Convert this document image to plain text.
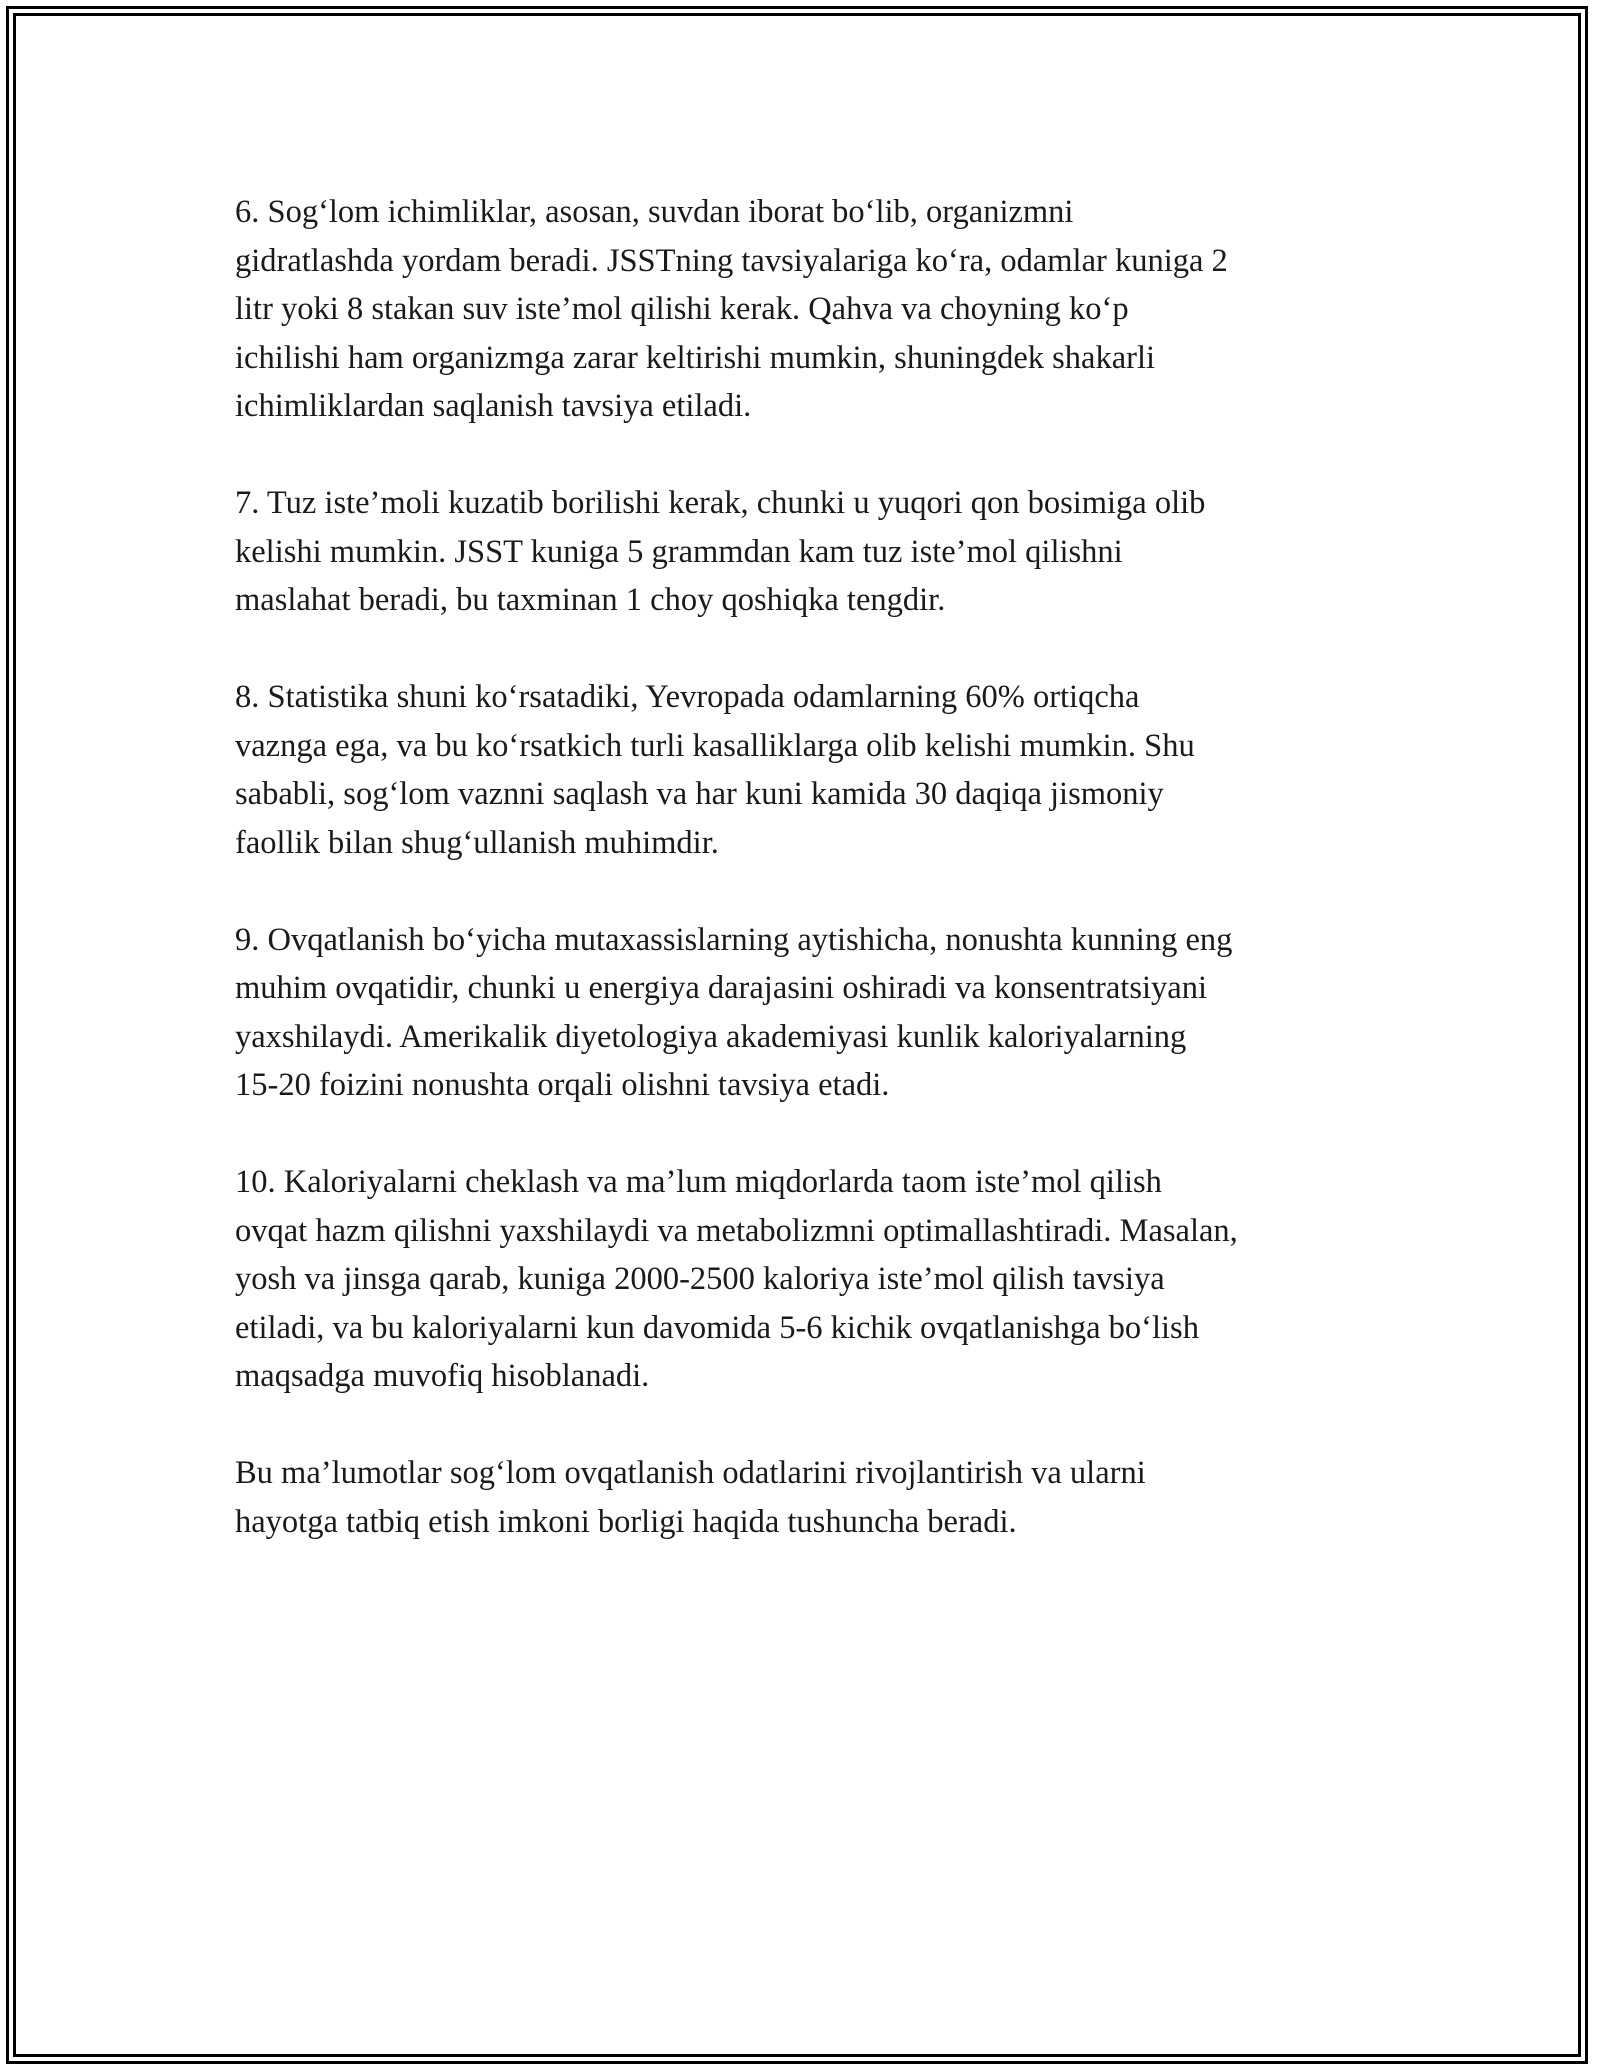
6. Sog‘lom ichimliklar, asosan, suvdan iborat bo‘lib, organizmni
gidratlashda yordam beradi. JSSTning tavsiyalariga ko‘ra, odamlar kuniga 2
litr yoki 8 stakan suv iste’mol qilishi kerak. Qahva va choyning ko‘p
ichilishi ham organizmga zarar keltirishi mumkin, shuningdek shakarli
ichimliklardan saqlanish tavsiya etiladi.

7. Tuz iste’moli kuzatib borilishi kerak, chunki u yuqori qon bosimiga olib
kelishi mumkin. JSST kuniga 5 grammdan kam tuz iste’mol qilishni
maslahat beradi, bu taxminan 1 choy qoshiqka tengdir.

8. Statistika shuni ko‘rsatadiki, Yevropada odamlarning 60% ortiqcha
vaznga ega, va bu ko‘rsatkich turli kasalliklarga olib kelishi mumkin. Shu
sababli, sog‘lom vaznni saqlash va har kuni kamida 30 daqiqa jismoniy
faollik bilan shug‘ullanish muhimdir.

9. Ovqatlanish bo‘yicha mutaxassislarning aytishicha, nonushta kunning eng
muhim ovqatidir, chunki u energiya darajasini oshiradi va konsentratsiyani
yaxshilaydi. Amerikalik diyetologiya akademiyasi kunlik kaloriyalarning
15-20 foizini nonushta orqali olishni tavsiya etadi.

10. Kaloriyalarni cheklash va ma’lum miqdorlarda taom iste’mol qilish
ovqat hazm qilishni yaxshilaydi va metabolizmni optimallashtiradi. Masalan,
yosh va jinsga qarab, kuniga 2000-2500 kaloriya iste’mol qilish tavsiya
etiladi, va bu kaloriyalarni kun davomida 5-6 kichik ovqatlanishga bo‘lish
maqsadga muvofiq hisoblanadi.

Bu ma’lumotlar sog‘lom ovqatlanish odatlarini rivojlantirish va ularni
hayotga tatbiq etish imkoni borligi haqida tushuncha beradi.
